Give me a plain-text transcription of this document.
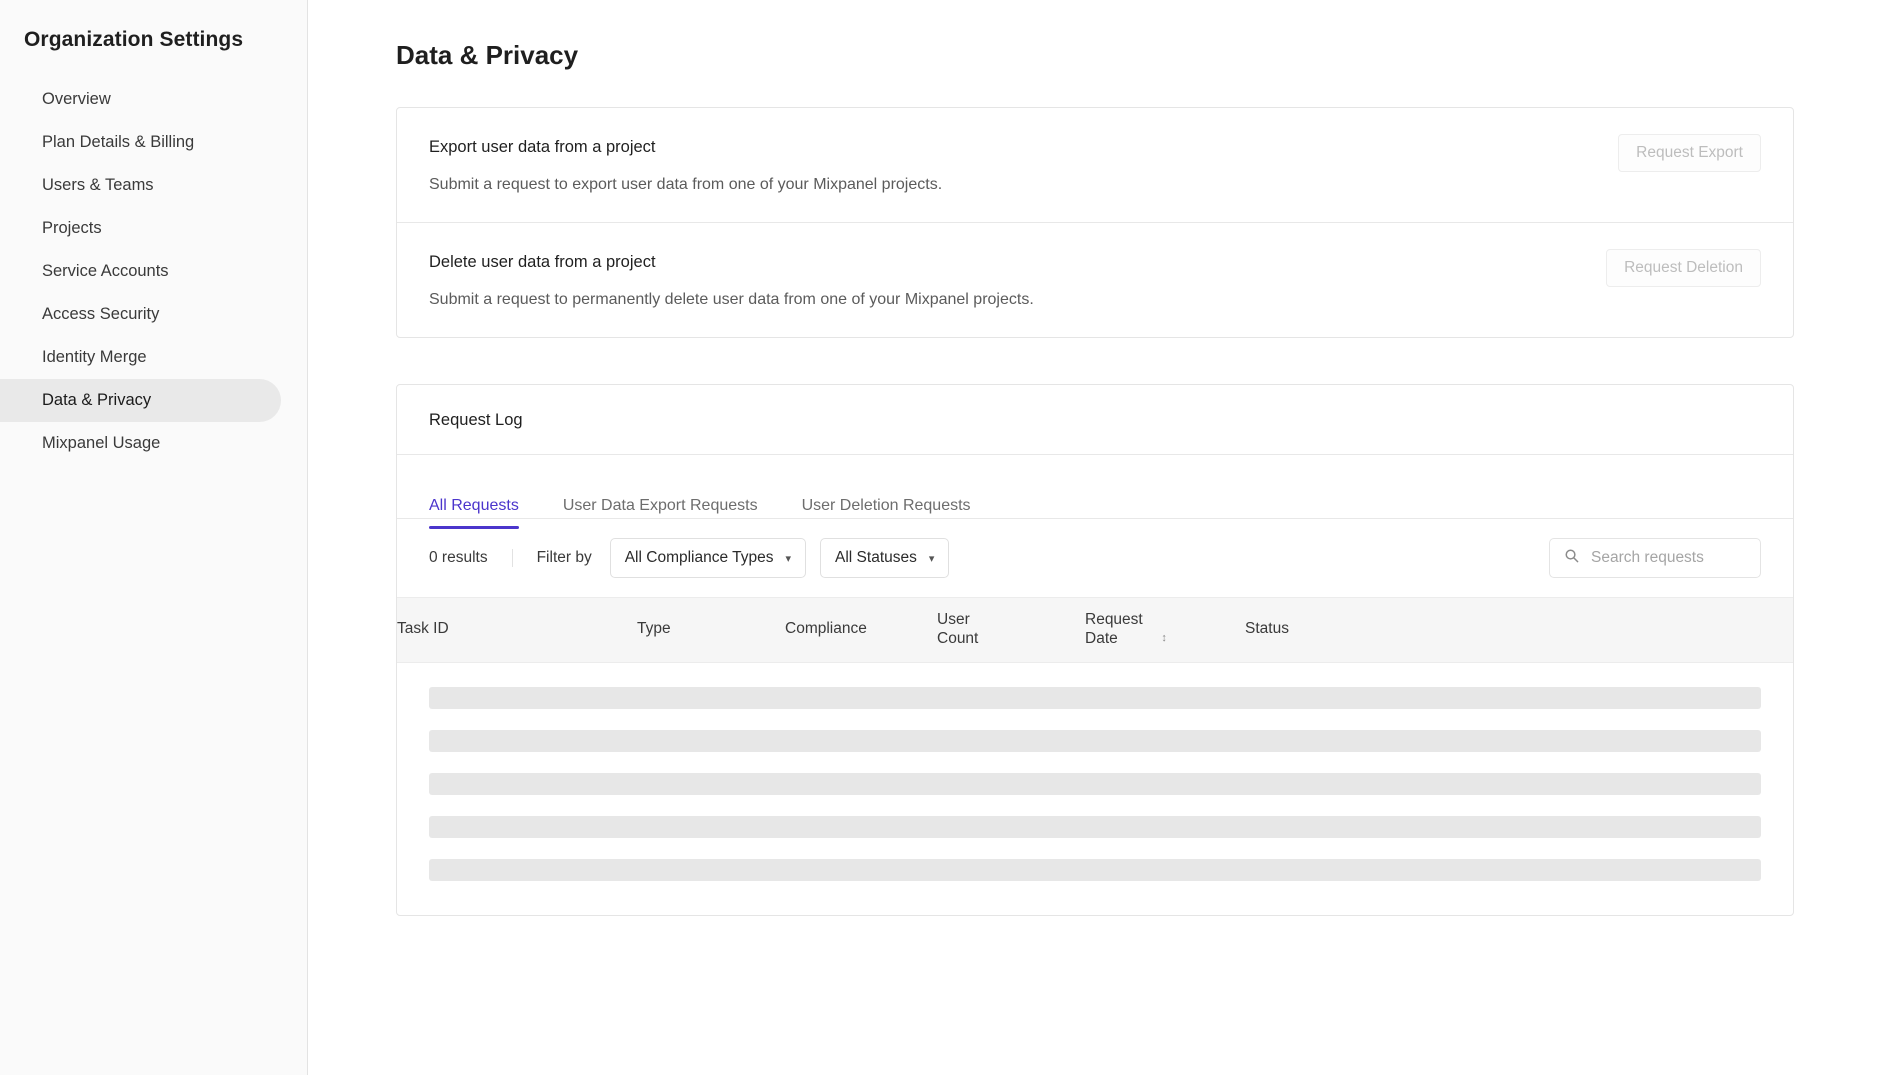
Organization Settings
Overview
Plan Details & Billing
Users & Teams
Projects
Service Accounts
Access Security
Identity Merge
Data & Privacy
Mixpanel Usage
Data & Privacy
Export user data from a project
Submit a request to export user data from one of your Mixpanel projects.
Request Export
Delete user data from a project
Submit a request to permanently delete user data from one of your Mixpanel projects.
Request Deletion
Request Log
All Requests	User Data Export Requests	User Deletion Requests
0 results	Filter by All Compliance Types ▾	All Statuses ▾
Search requests
Task ID	Type	Compliance	User Count	Request Date	↕	Status
